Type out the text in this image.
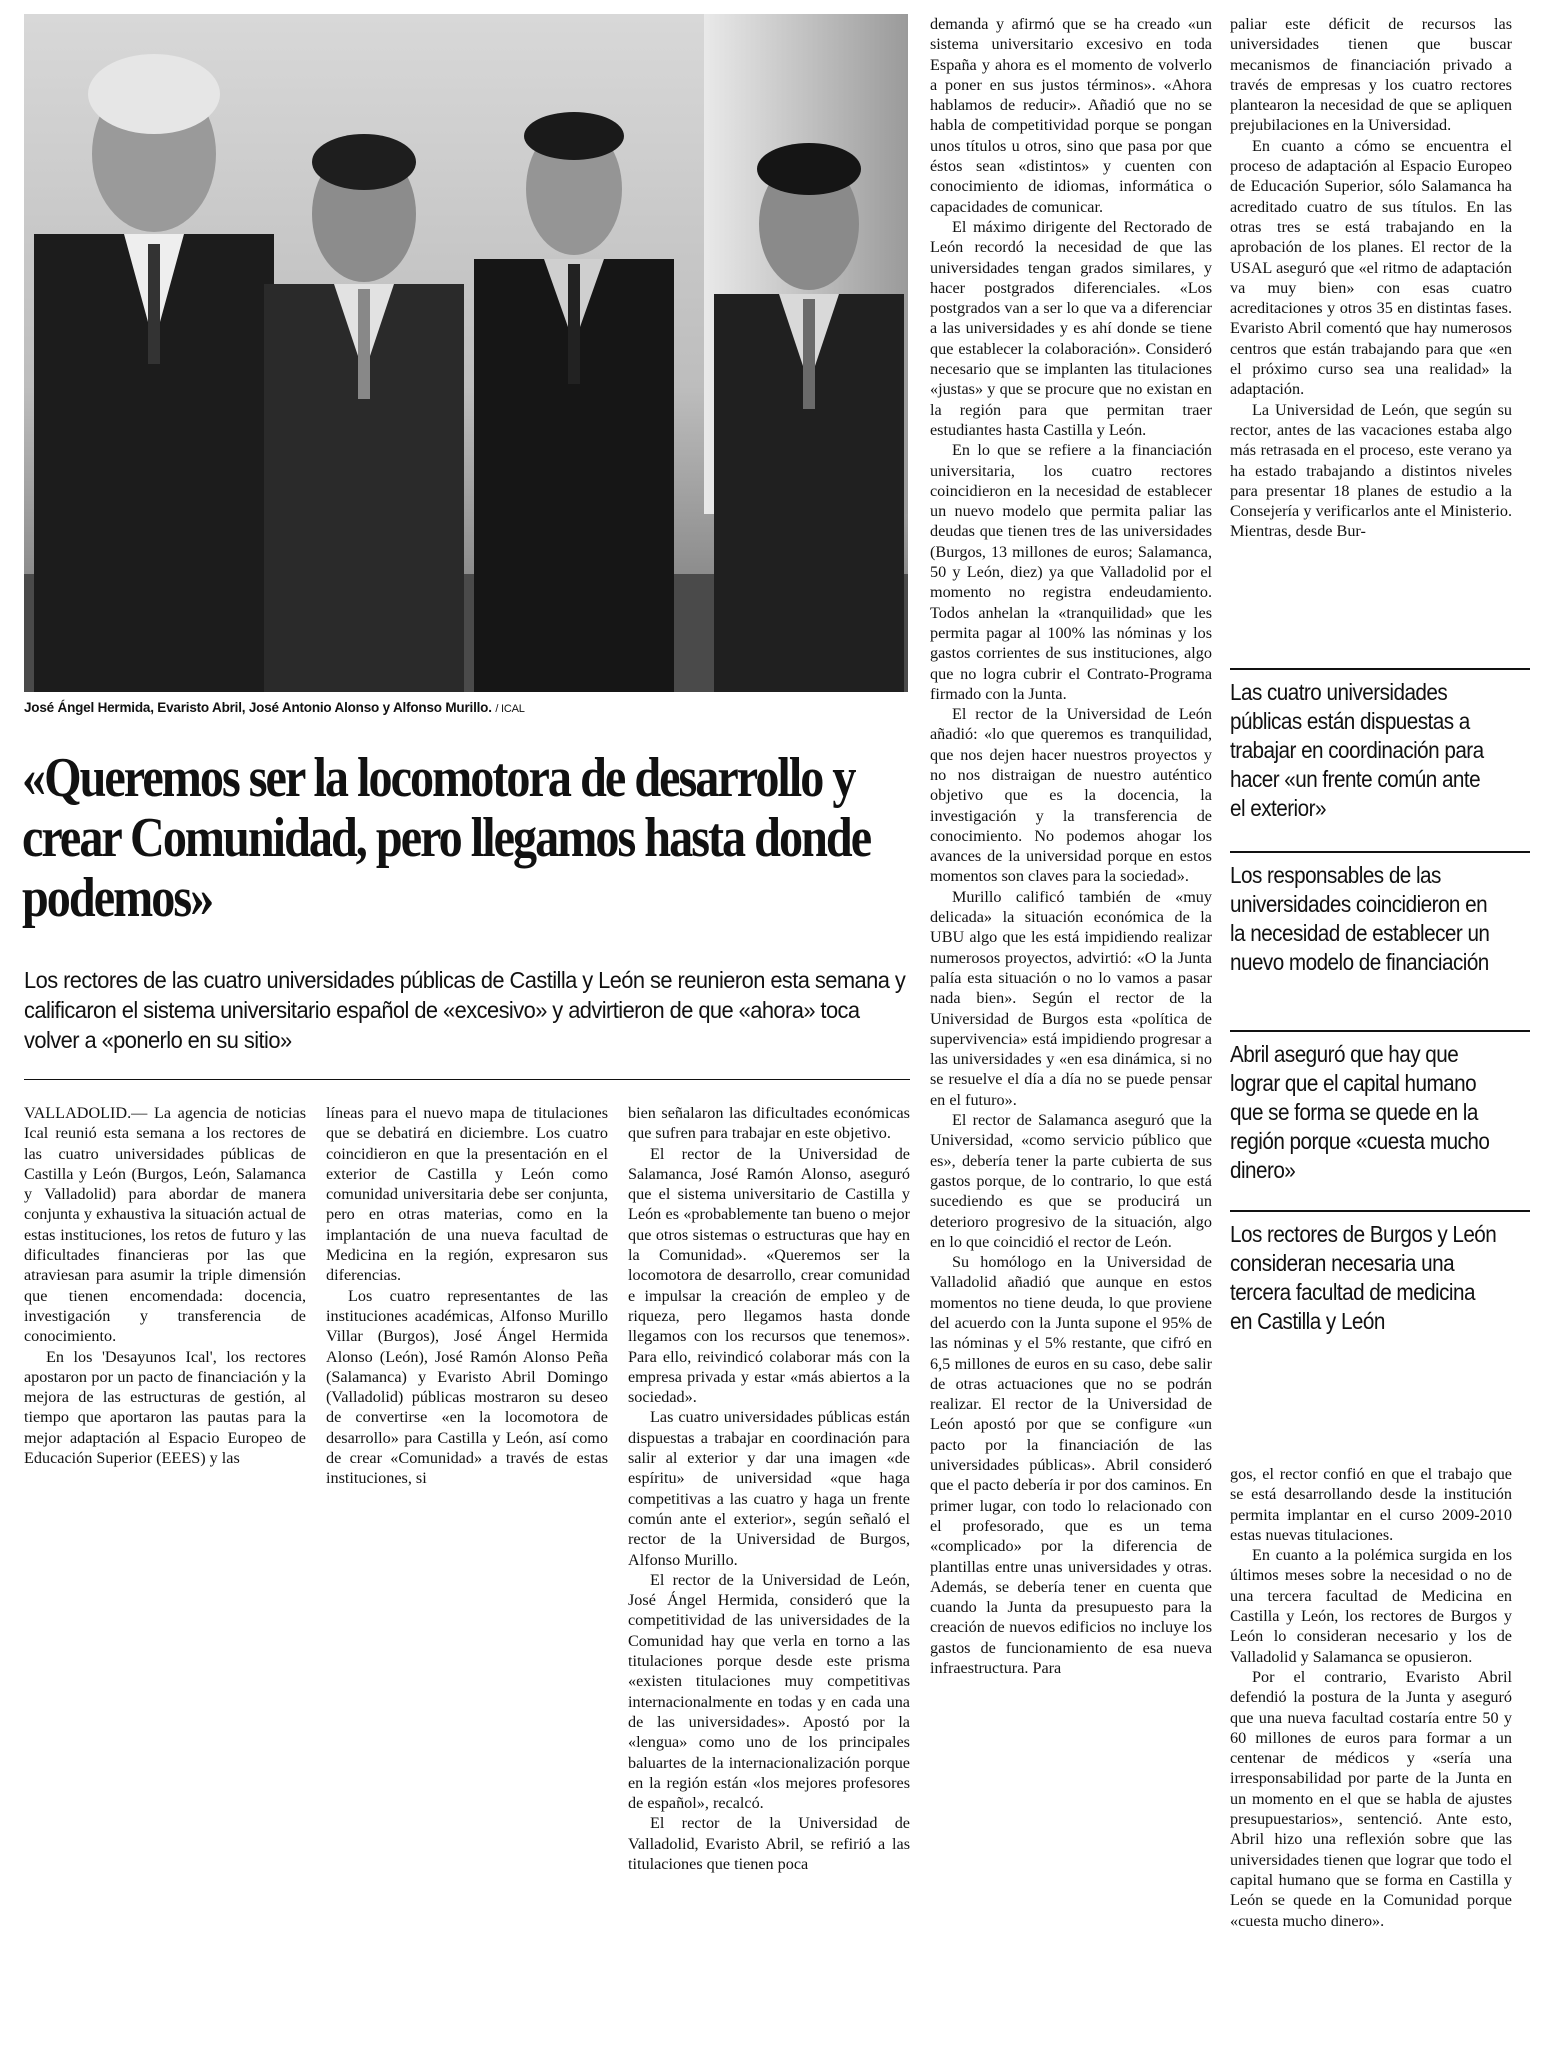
José Ángel Hermida, Evaristo Abril, José Antonio Alonso y Alfonso Murillo. / ICAL
«Queremos ser la locomotora de desarrollo y crear Comunidad, pero llegamos hasta donde podemos»
Los rectores de las cuatro universidades públicas de Castilla y León se reunieron esta semana y calificaron el sistema universitario español de «excesivo» y advirtieron de que «ahora» toca volver a «ponerlo en su sitio»

VALLADOLID.— La agencia de noticias Ical reunió esta semana a los rectores de las cuatro universidades públicas de Castilla y León (Burgos, León, Salamanca y Valladolid) para abordar de manera conjunta y exhaustiva la situación actual de estas instituciones, los retos de futuro y las dificultades financieras por las que atraviesan para asumir la triple dimensión que tienen encomendada: docencia, investigación y transferencia de conocimiento.

En los 'Desayunos Ical', los rectores apostaron por un pacto de financiación y la mejora de las estructuras de gestión, al tiempo que aportaron las pautas para la mejor adaptación al Espacio Europeo de Educación Superior (EEES) y las

líneas para el nuevo mapa de titulaciones que se debatirá en diciembre. Los cuatro coincidieron en que la presentación en el exterior de Castilla y León como comunidad universitaria debe ser conjunta, pero en otras materias, como en la implantación de una nueva facultad de Medicina en la región, expresaron sus diferencias.

Los cuatro representantes de las instituciones académicas, Alfonso Murillo Villar (Burgos), José Ángel Hermida Alonso (León), José Ramón Alonso Peña (Salamanca) y Evaristo Abril Domingo (Valladolid) públicas mostraron su deseo de convertirse «en la locomotora de desarrollo» para Castilla y León, así como de crear «Comunidad» a través de estas instituciones, si

bien señalaron las dificultades económicas que sufren para trabajar en este objetivo.

El rector de la Universidad de Salamanca, José Ramón Alonso, aseguró que el sistema universitario de Castilla y León es «probablemente tan bueno o mejor que otros sistemas o estructuras que hay en la Comunidad». «Queremos ser la locomotora de desarrollo, crear comunidad e impulsar la creación de empleo y de riqueza, pero llegamos hasta donde llegamos con los recursos que tenemos». Para ello, reivindicó colaborar más con la empresa privada y estar «más abiertos a la sociedad».

Las cuatro universidades públicas están dispuestas a trabajar en coordinación para salir al exterior y dar una imagen «de espíritu» de universidad «que haga competitivas a las cuatro y haga un frente común ante el exterior», según señaló el rector de la Universidad de Burgos, Alfonso Murillo.

El rector de la Universidad de León, José Ángel Hermida, consideró que la competitividad de las universidades de la Comunidad hay que verla en torno a las titulaciones porque desde este prisma «existen titulaciones muy competitivas internacionalmente en todas y en cada una de las universidades». Apostó por la «lengua» como uno de los principales baluartes de la internacionalización porque en la región están «los mejores profesores de español», recalcó.

El rector de la Universidad de Valladolid, Evaristo Abril, se refirió a las titulaciones que tienen poca

demanda y afirmó que se ha creado «un sistema universitario excesivo en toda España y ahora es el momento de volverlo a poner en sus justos términos». «Ahora hablamos de reducir». Añadió que no se habla de competitividad porque se pongan unos títulos u otros, sino que pasa por que éstos sean «distintos» y cuenten con conocimiento de idiomas, informática o capacidades de comunicar.

El máximo dirigente del Rectorado de León recordó la necesidad de que las universidades tengan grados similares, y hacer postgrados diferenciales. «Los postgrados van a ser lo que va a diferenciar a las universidades y es ahí donde se tiene que establecer la colaboración». Consideró necesario que se implanten las titulaciones «justas» y que se procure que no existan en la región para que permitan traer estudiantes hasta Castilla y León.

En lo que se refiere a la financiación universitaria, los cuatro rectores coincidieron en la necesidad de establecer un nuevo modelo que permita paliar las deudas que tienen tres de las universidades (Burgos, 13 millones de euros; Salamanca, 50 y León, diez) ya que Valladolid por el momento no registra endeudamiento. Todos anhelan la «tranquilidad» que les permita pagar al 100% las nóminas y los gastos corrientes de sus instituciones, algo que no logra cubrir el Contrato-Programa firmado con la Junta.

El rector de la Universidad de León añadió: «lo que queremos es tranquilidad, que nos dejen hacer nuestros proyectos y no nos distraigan de nuestro auténtico objetivo que es la docencia, la investigación y la transferencia de conocimiento. No podemos ahogar los avances de la universidad porque en estos momentos son claves para la sociedad».

Murillo calificó también de «muy delicada» la situación económica de la UBU algo que les está impidiendo realizar numerosos proyectos, advirtió: «O la Junta palía esta situación o no lo vamos a pasar nada bien». Según el rector de la Universidad de Burgos esta «política de supervivencia» está impidiendo progresar a las universidades y «en esa dinámica, si no se resuelve el día a día no se puede pensar en el futuro».

El rector de Salamanca aseguró que la Universidad, «como servicio público que es», debería tener la parte cubierta de sus gastos porque, de lo contrario, lo que está sucediendo es que se producirá un deterioro progresivo de la situación, algo en lo que coincidió el rector de León.

Su homólogo en la Universidad de Valladolid añadió que aunque en estos momentos no tiene deuda, lo que proviene del acuerdo con la Junta supone el 95% de las nóminas y el 5% restante, que cifró en 6,5 millones de euros en su caso, debe salir de otras actuaciones que no se podrán realizar. El rector de la Universidad de León apostó por que se configure «un pacto por la financiación de las universidades públicas». Abril consideró que el pacto debería ir por dos caminos. En primer lugar, con todo lo relacionado con el profesorado, que es un tema «complicado» por la diferencia de plantillas entre unas universidades y otras. Además, se debería tener en cuenta que cuando la Junta da presupuesto para la creación de nuevos edificios no incluye los gastos de funcionamiento de esa nueva infraestructura. Para

paliar este déficit de recursos las universidades tienen que buscar mecanismos de financiación privado a través de empresas y los cuatro rectores plantearon la necesidad de que se apliquen prejubilaciones en la Universidad.

En cuanto a cómo se encuentra el proceso de adaptación al Espacio Europeo de Educación Superior, sólo Salamanca ha acreditado cuatro de sus títulos. En las otras tres se está trabajando en la aprobación de los planes. El rector de la USAL aseguró que «el ritmo de adaptación va muy bien» con esas cuatro acreditaciones y otros 35 en distintas fases. Evaristo Abril comentó que hay numerosos centros que están trabajando para que «en el próximo curso sea una realidad» la adaptación.

La Universidad de León, que según su rector, antes de las vacaciones estaba algo más retrasada en el proceso, este verano ya ha estado trabajando a distintos niveles para presentar 18 planes de estudio a la Consejería y verificarlos ante el Ministerio. Mientras, desde Bur-

Las cuatro universidades públicas están dispuestas a trabajar en coordinación para hacer «un frente común ante el exterior»
Los responsables de las universidades coincidieron en la necesidad de establecer un nuevo modelo de financiación
Abril aseguró que hay que lograr que el capital humano que se forma se quede en la región porque «cuesta mucho dinero»
Los rectores de Burgos y León consideran necesaria una tercera facultad de medicina en Castilla y León

gos, el rector confió en que el trabajo que se está desarrollando desde la institución permita implantar en el curso 2009-2010 estas nuevas titulaciones.

En cuanto a la polémica surgida en los últimos meses sobre la necesidad o no de una tercera facultad de Medicina en Castilla y León, los rectores de Burgos y León lo consideran necesario y los de Valladolid y Salamanca se opusieron.

Por el contrario, Evaristo Abril defendió la postura de la Junta y aseguró que una nueva facultad costaría entre 50 y 60 millones de euros para formar a un centenar de médicos y «sería una irresponsabilidad por parte de la Junta en un momento en el que se habla de ajustes presupuestarios», sentenció. Ante esto, Abril hizo una reflexión sobre que las universidades tienen que lograr que todo el capital humano que se forma en Castilla y León se quede en la Comunidad porque «cuesta mucho dinero».
